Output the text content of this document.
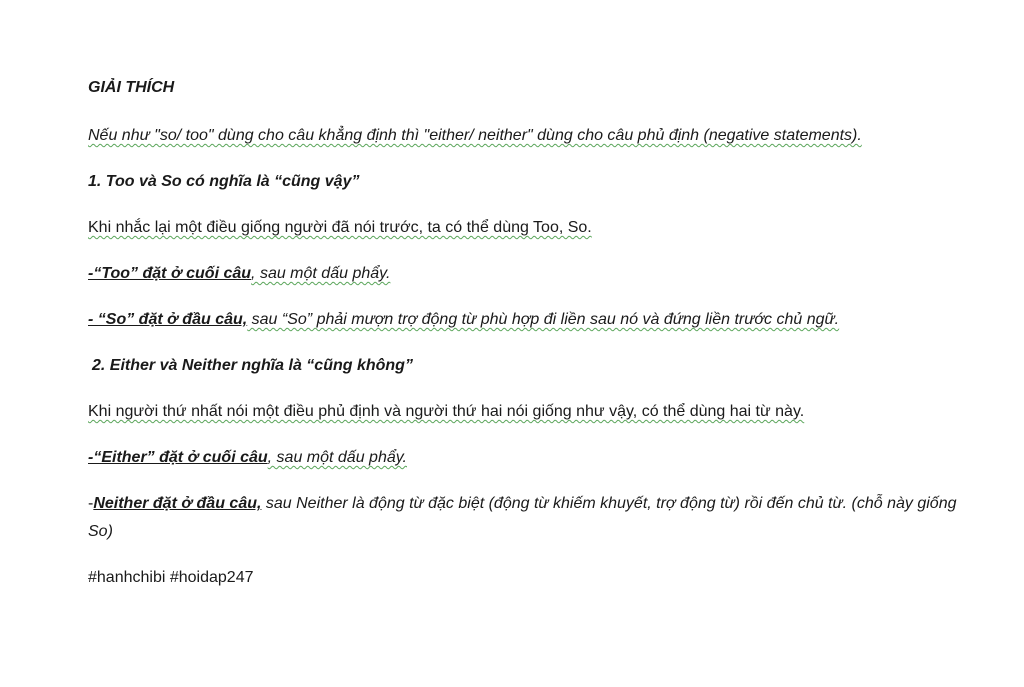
GIẢI THÍCH

Nếu như "so/ too" dùng cho câu khẳng định thì "either/ neither" dùng cho câu phủ định (negative statements).

1. Too và So có nghĩa là “cũng vậy”

Khi nhắc lại một điều giống người đã nói trước, ta có thể dùng Too, So.

-“Too” đặt ở cuối câu, sau một dấu phẩy.

- “So” đặt ở đầu câu, sau “So” phải mượn trợ động từ phù hợp đi liền sau nó và đứng liền trước chủ ngữ.

2. Either và Neither nghĩa là “cũng không”

Khi người thứ nhất nói một điều phủ định và người thứ hai nói giống như vậy, có thể dùng hai từ này.

-“Either” đặt ở cuối câu, sau một dấu phẩy.

-Neither đặt ở đầu câu, sau Neither là động từ đặc biệt (động từ khiếm khuyết, trợ động từ) rồi đến chủ từ. (chỗ này giống So)

#hanhchibi #hoidap247
